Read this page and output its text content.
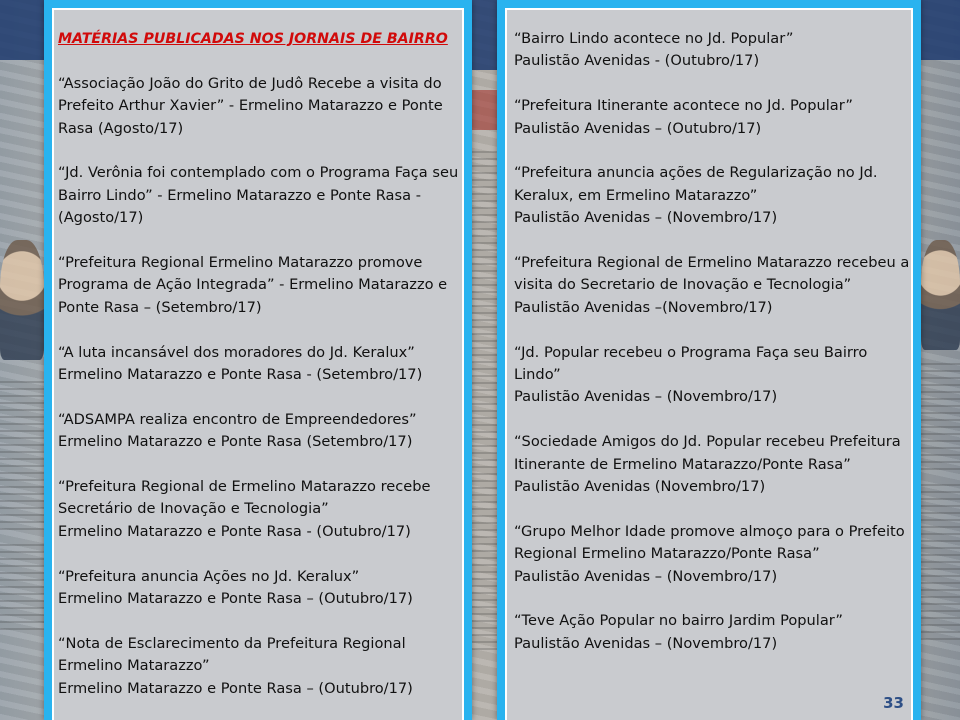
MATÉRIAS PUBLICADAS NOS JORNAIS DE BAIRRO
“Associação João do Grito de Judô Recebe a visita do Prefeito Arthur Xavier” - Ermelino Matarazzo e Ponte Rasa (Agosto/17)
“Jd. Verônia foi contemplado com o Programa Faça seu Bairro Lindo” - Ermelino Matarazzo e Ponte Rasa - (Agosto/17)
“Prefeitura Regional Ermelino Matarazzo promove Programa de Ação Integrada” - Ermelino Matarazzo e Ponte Rasa – (Setembro/17)
“A luta incansável dos moradores do Jd. Keralux”
Ermelino Matarazzo e Ponte Rasa - (Setembro/17)
“ADSAMPA realiza encontro de Empreendedores”
Ermelino Matarazzo e Ponte Rasa (Setembro/17)
“Prefeitura Regional de Ermelino Matarazzo recebe Secretário de Inovação e Tecnologia”
Ermelino Matarazzo e Ponte Rasa - (Outubro/17)
“Prefeitura anuncia Ações no Jd. Keralux”
Ermelino Matarazzo e Ponte Rasa – (Outubro/17)
“Nota de Esclarecimento da Prefeitura Regional Ermelino Matarazzo”
Ermelino Matarazzo e Ponte Rasa – (Outubro/17)
“Bairro Lindo acontece no Jd. Popular”
Paulistão Avenidas - (Outubro/17)
“Prefeitura Itinerante acontece no Jd. Popular”
Paulistão Avenidas – (Outubro/17)
“Prefeitura anuncia ações de Regularização no Jd. Keralux, em Ermelino Matarazzo”
Paulistão Avenidas – (Novembro/17)
“Prefeitura Regional de Ermelino Matarazzo recebeu a visita do Secretario de Inovação e Tecnologia”
Paulistão Avenidas –(Novembro/17)
“Jd. Popular recebeu o Programa Faça seu Bairro Lindo”
Paulistão Avenidas – (Novembro/17)
“Sociedade Amigos do Jd. Popular recebeu Prefeitura Itinerante de Ermelino Matarazzo/Ponte Rasa”
Paulistão Avenidas (Novembro/17)
“Grupo Melhor Idade promove almoço para o Prefeito Regional Ermelino Matarazzo/Ponte Rasa”
Paulistão Avenidas – (Novembro/17)
“Teve Ação Popular no bairro Jardim Popular”
Paulistão Avenidas – (Novembro/17)
33
